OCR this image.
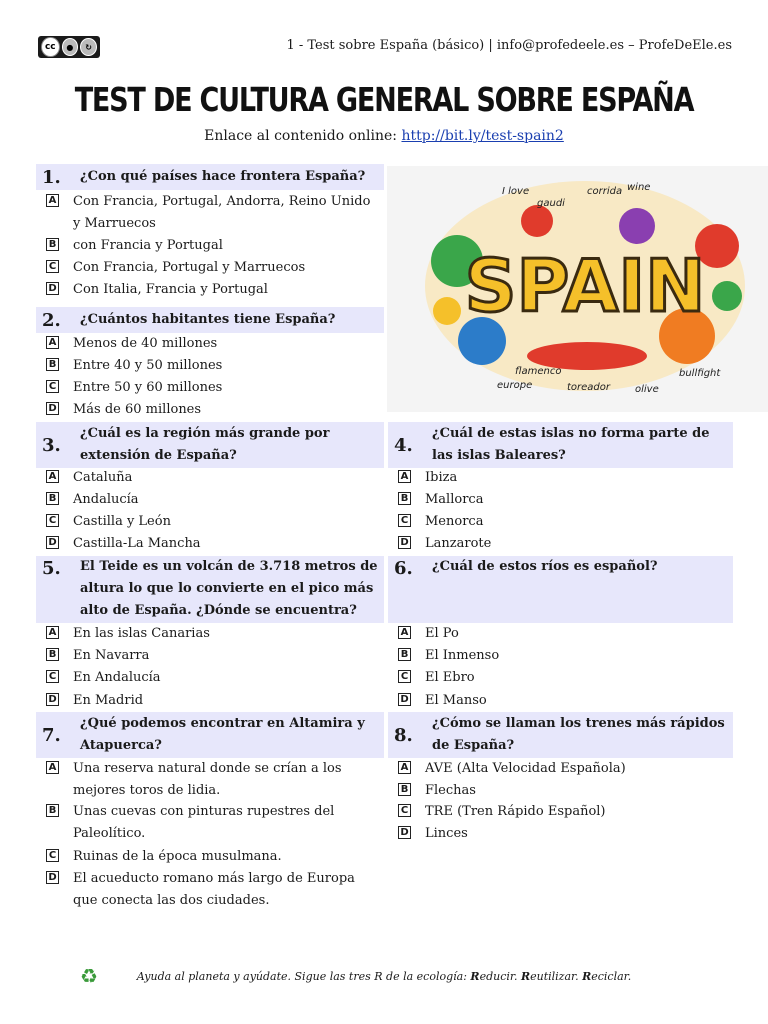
cc	●	↻	1 - Test sobre España (básico) | info@profedeele.es – ProfeDeEle.es
TEST DE CULTURA GENERAL SOBRE ESPAÑA
Enlace al contenido online: http://bit.ly/test-spain2
SPAIN
I love
gaudi
corrida wine
flamenco
europe	toreador olive
bullfight
1.	¿Con qué países hace frontera España?
A Con Francia, Portugal, Andorra, Reino Unido y Marruecos
B con Francia y Portugal
C Con Francia, Portugal y Marruecos
D Con Italia, Francia y Portugal
2.	¿Cuántos habitantes tiene España?
A Menos de 40 millones
B Entre 40 y 50 millones
C Entre 50 y 60 millones
D Más de 60 millones
3.
¿Cuál es la región más grande por extensión de España?
A Cataluña
B Andalucía
C Castilla y León
D Castilla-La Mancha
4.
¿Cuál de estas islas no forma parte de las islas Baleares?
A Ibiza
B Mallorca
C Menorca
D Lanzarote
5.	El Teide es un volcán de 3.718 metros de altura lo que lo convierte en el pico más alto de España. ¿Dónde se encuentra?
A En las islas Canarias
B En Navarra
C En Andalucía
D En Madrid
6.	¿Cuál de estos ríos es español?
A El Po
B El Inmenso
C El Ebro
D El Manso
7.
¿Qué podemos encontrar en Altamira y Atapuerca?
A Una reserva natural donde se crían a los mejores toros de lidia.
B Unas cuevas con pinturas rupestres del Paleolítico.
C Ruinas de la época musulmana.
D El acueducto romano más largo de Europa que conecta las dos ciudades.
8.
¿Cómo se llaman los trenes más rápidos de España?
A AVE (Alta Velocidad Española)
B Flechas
C TRE (Tren Rápido Español)
D Linces
♻	Ayuda al planeta y ayúdate. Sigue las tres R de la ecología: Reducir. Reutilizar. Reciclar.
